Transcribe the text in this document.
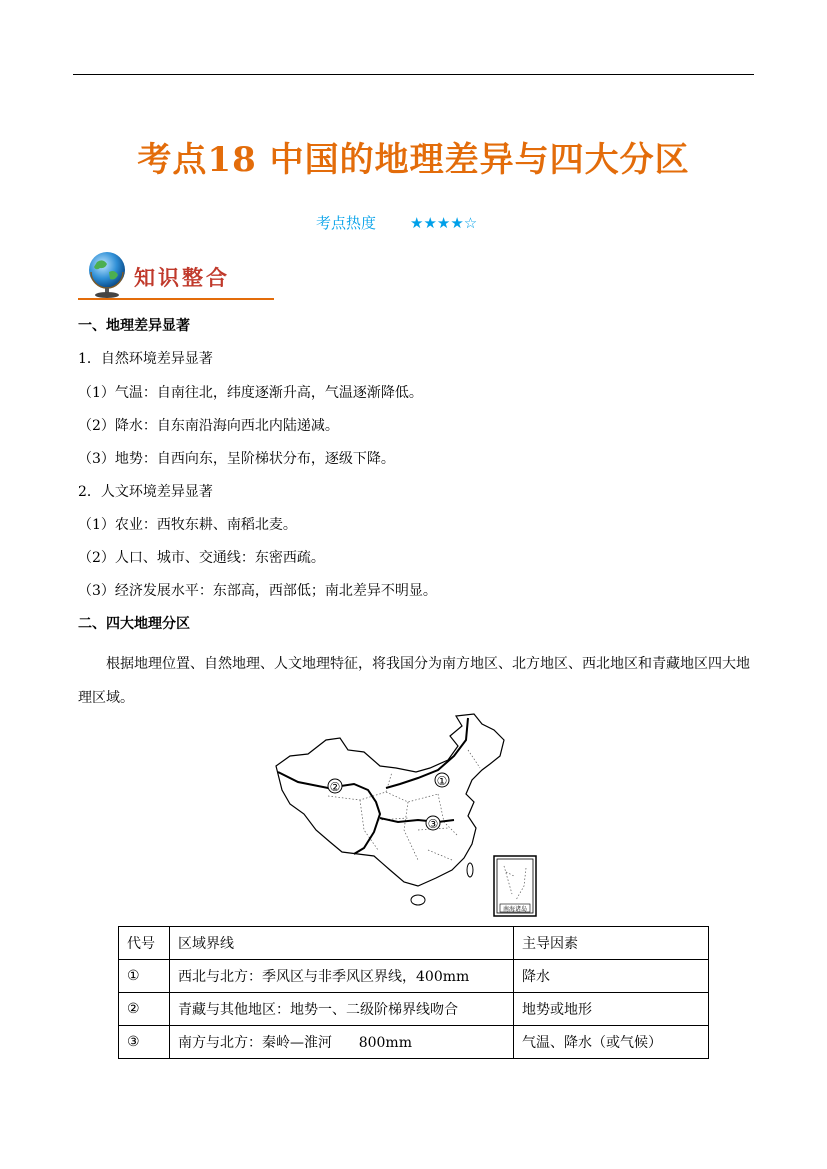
考点18 中国的地理差异与四大分区
考点热度 ★★★★☆
知识整合
一、地理差异显著
1．自然环境差异显著
（1）气温：自南往北，纬度逐渐升高，气温逐渐降低。
（2）降水：自东南沿海向西北内陆递减。
（3）地势：自西向东，呈阶梯状分布，逐级下降。
2．人文环境差异显著
（1）农业：西牧东耕、南稻北麦。
（2）人口、城市、交通线：东密西疏。
（3）经济发展水平：东部高，西部低；南北差异不明显。
二、四大地理分区
根据地理位置、自然地理、人文地理特征，将我国分为南方地区、北方地区、西北地区和青藏地区四大地理区域。
①
②
③
南海诸岛
代号	区域界线	主导因素
①	西北与北方：季风区与非季风区界线，400mm	降水
②	青藏与其他地区：地势一、二级阶梯界线吻合	地势或地形
③	南方与北方：秦岭—淮河      800mm	气温、降水（或气候）
